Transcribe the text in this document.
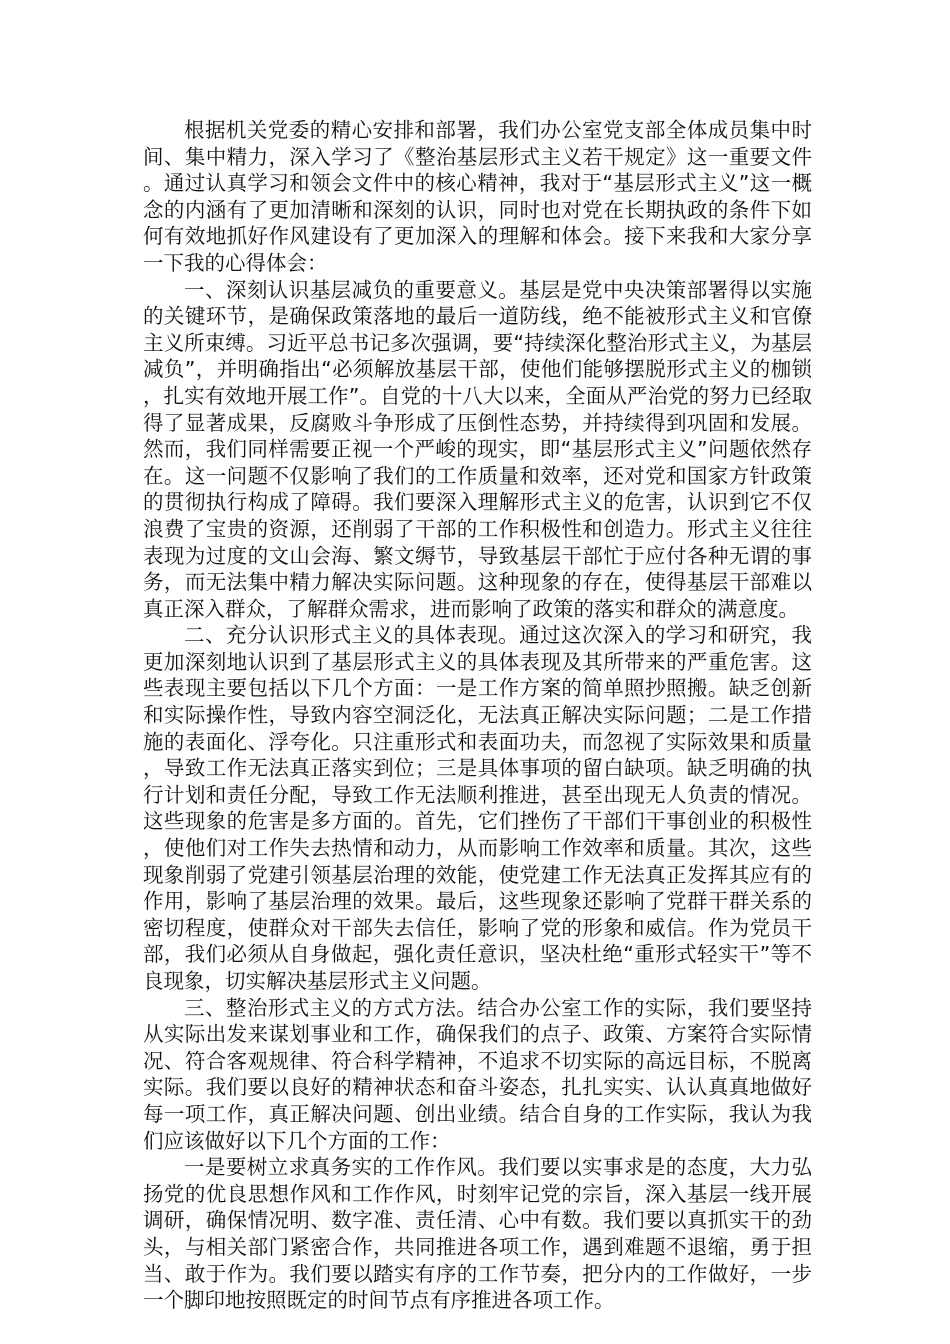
根据机关党委的精心安排和部署，我们办公室党支部全体成员集中时间、集中精力，深入学习了《整治基层形式主义若干规定》这一重要文件。通过认真学习和领会文件中的核心精神，我对于“基层形式主义”这一概念的内涵有了更加清晰和深刻的认识，同时也对党在长期执政的条件下如何有效地抓好作风建设有了更加深入的理解和体会。接下来我和大家分享一下我的心得体会：

一、深刻认识基层减负的重要意义。基层是党中央决策部署得以实施的关键环节，是确保政策落地的最后一道防线，绝不能被形式主义和官僚主义所束缚。习近平总书记多次强调，要“持续深化整治形式主义，为基层减负”，并明确指出“必须解放基层干部，使他们能够摆脱形式主义的枷锁，扎实有效地开展工作”。自党的十八大以来，全面从严治党的努力已经取得了显著成果，反腐败斗争形成了压倒性态势，并持续得到巩固和发展。然而，我们同样需要正视一个严峻的现实，即“基层形式主义”问题依然存在。这一问题不仅影响了我们的工作质量和效率，还对党和国家方针政策的贯彻执行构成了障碍。我们要深入理解形式主义的危害，认识到它不仅浪费了宝贵的资源，还削弱了干部的工作积极性和创造力。形式主义往往表现为过度的文山会海、繁文缛节，导致基层干部忙于应付各种无谓的事务，而无法集中精力解决实际问题。这种现象的存在，使得基层干部难以真正深入群众，了解群众需求，进而影响了政策的落实和群众的满意度。

二、充分认识形式主义的具体表现。通过这次深入的学习和研究，我更加深刻地认识到了基层形式主义的具体表现及其所带来的严重危害。这些表现主要包括以下几个方面：一是工作方案的简单照抄照搬。缺乏创新和实际操作性，导致内容空洞泛化，无法真正解决实际问题；二是工作措施的表面化、浮夸化。只注重形式和表面功夫，而忽视了实际效果和质量，导致工作无法真正落实到位；三是具体事项的留白缺项。缺乏明确的执行计划和责任分配，导致工作无法顺利推进，甚至出现无人负责的情况。这些现象的危害是多方面的。首先，它们挫伤了干部们干事创业的积极性，使他们对工作失去热情和动力，从而影响工作效率和质量。其次，这些现象削弱了党建引领基层治理的效能，使党建工作无法真正发挥其应有的作用，影响了基层治理的效果。最后，这些现象还影响了党群干群关系的密切程度，使群众对干部失去信任，影响了党的形象和威信。作为党员干部，我们必须从自身做起，强化责任意识，坚决杜绝“重形式轻实干”等不良现象，切实解决基层形式主义问题。

三、整治形式主义的方式方法。结合办公室工作的实际，我们要坚持从实际出发来谋划事业和工作，确保我们的点子、政策、方案符合实际情况、符合客观规律、符合科学精神，不追求不切实际的高远目标，不脱离实际。我们要以良好的精神状态和奋斗姿态，扎扎实实、认认真真地做好每一项工作，真正解决问题、创出业绩。结合自身的工作实际，我认为我们应该做好以下几个方面的工作：

一是要树立求真务实的工作作风。我们要以实事求是的态度，大力弘扬党的优良思想作风和工作作风，时刻牢记党的宗旨，深入基层一线开展调研，确保情况明、数字准、责任清、心中有数。我们要以真抓实干的劲头，与相关部门紧密合作，共同推进各项工作，遇到难题不退缩，勇于担当、敢于作为。我们要以踏实有序的工作节奏，把分内的工作做好，一步一个脚印地按照既定的时间节点有序推进各项工作。
